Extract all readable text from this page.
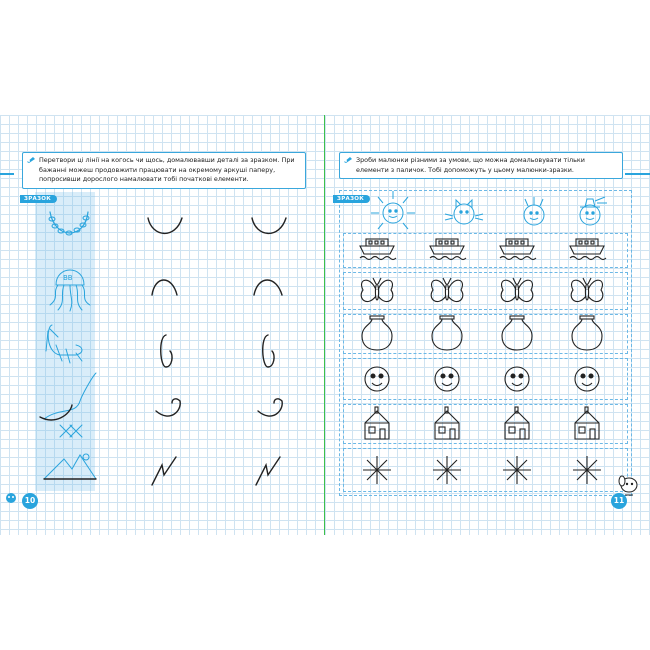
Перетвори ці лінії на когось чи щось, домалювавши деталі за зразком. При бажанні можеш продовжити працювати на окремому аркуші паперу, попросивши дорослого намалювати тобі початкові елементи.
ЗРАЗОК
ВВ
10
Зроби малюнки різними за умови, що можна домальовувати тільки елементи з паличок. Тобі допоможуть у цьому малюнки-зразки.
ЗРАЗОК
11
